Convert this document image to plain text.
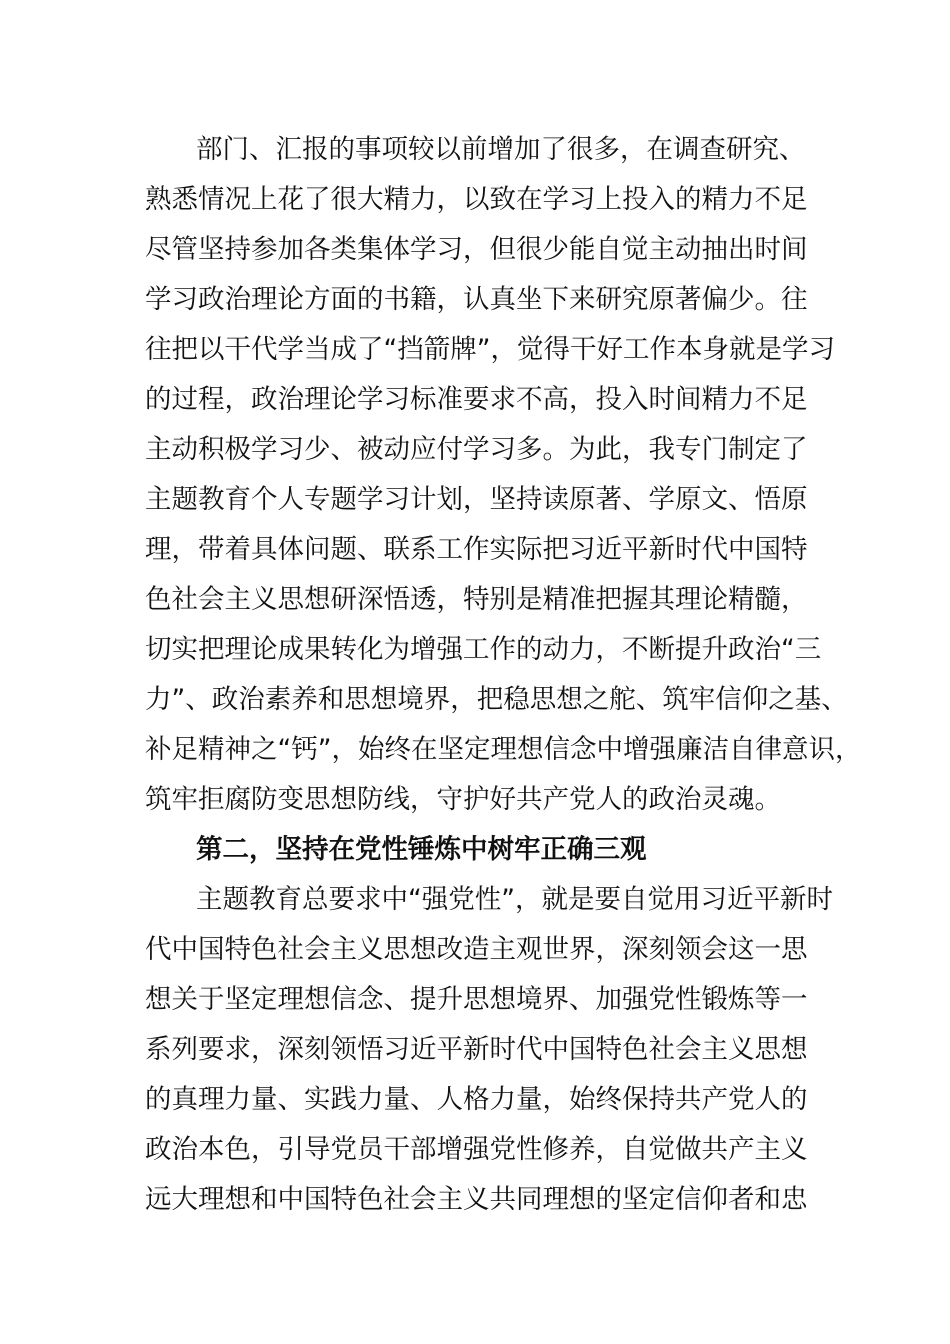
部门、汇报的事项较以前增加了很多，在调查研究、
熟悉情况上花了很大精力，以致在学习上投入的精力不足
尽管坚持参加各类集体学习，但很少能自觉主动抽出时间
学习政治理论方面的书籍，认真坐下来研究原著偏少。往
往把以干代学当成了“挡箭牌”，觉得干好工作本身就是学习
的过程，政治理论学习标准要求不高，投入时间精力不足
主动积极学习少、被动应付学习多。为此，我专门制定了
主题教育个人专题学习计划，坚持读原著、学原文、悟原
理，带着具体问题、联系工作实际把习近平新时代中国特
色社会主义思想研深悟透，特别是精准把握其理论精髓，
切实把理论成果转化为增强工作的动力，不断提升政治“三
力”、政治素养和思想境界，把稳思想之舵、筑牢信仰之基、
补足精神之“钙”，始终在坚定理想信念中增强廉洁自律意识，
筑牢拒腐防变思想防线，守护好共产党人的政治灵魂。
第二，坚持在党性锤炼中树牢正确三观
主题教育总要求中“强党性”，就是要自觉用习近平新时
代中国特色社会主义思想改造主观世界，深刻领会这一思
想关于坚定理想信念、提升思想境界、加强党性锻炼等一
系列要求，深刻领悟习近平新时代中国特色社会主义思想
的真理力量、实践力量、人格力量，始终保持共产党人的
政治本色，引导党员干部增强党性修养，自觉做共产主义
远大理想和中国特色社会主义共同理想的坚定信仰者和忠
